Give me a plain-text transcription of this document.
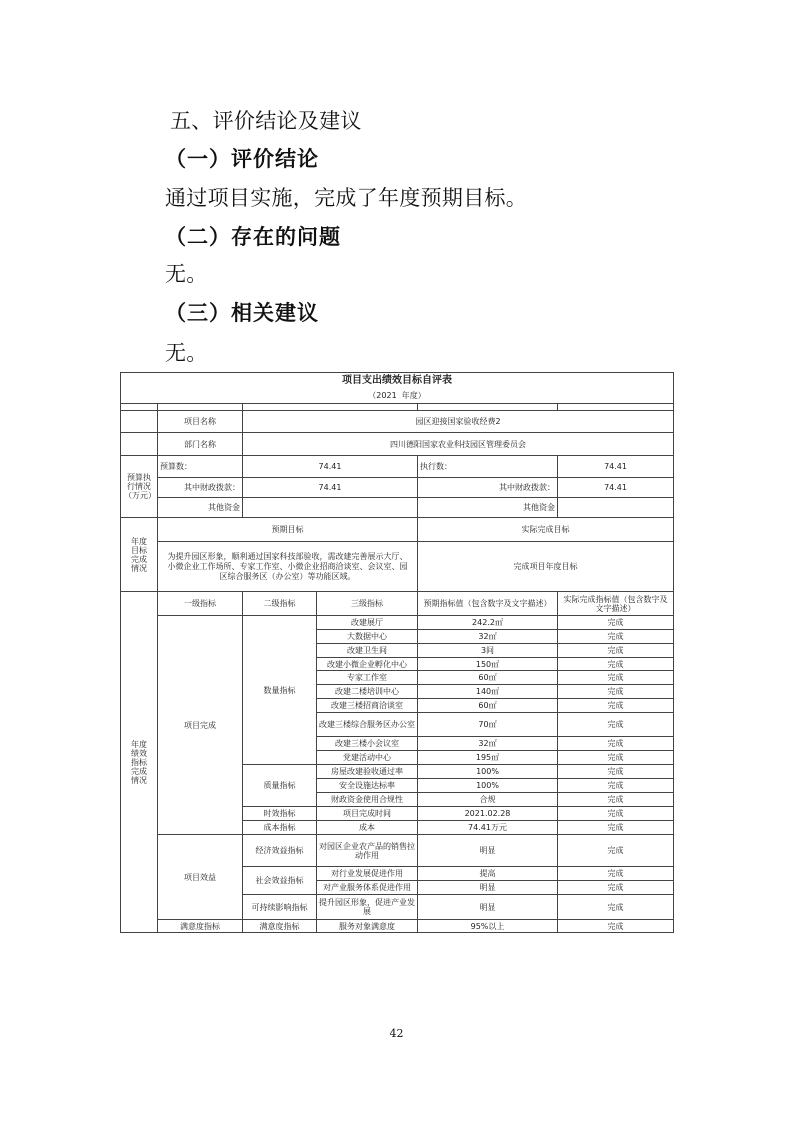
五、评价结论及建议
（一）评价结论
通过项目实施，完成了年度预期目标。
（二）存在的问题
无。
（三）相关建议
无。
项目支出绩效目标自评表					
（2021  年度）					

	项目名称	园区迎接国家验收经费2			
	部门名称	四川德阳国家农业科技园区管理委员会			
预算执行情况（万元）	预算数：	74.41		执行数：	74.41
	其中财政拨款：	74.41		其中财政拨款：	74.41
	其他资金			其他资金	
年度目标完成情况	预期目标			实际完成目标	
	为提升园区形象，顺利通过国家科技部验收，需改建完善展示大厅、小微企业工作场所、专家工作室、小微企业招商洽谈室、会议室、园区综合服务区（办公室）等功能区域。			完成项目年度目标	
年度绩效指标完成情况	一级指标	二级指标	三级指标	预期指标值（包含数字及文字描述）	实际完成指标值（包含数字及文字描述）
	项目完成	数量指标	改建展厅	242.2㎡	完成
			大数据中心	32㎡	完成
			改建卫生间	3间	完成
			改建小微企业孵化中心	150㎡	完成
			专家工作室	60㎡	完成
			改建二楼培训中心	140㎡	完成
			改建三楼招商洽谈室	60㎡	完成
			改建三楼综合服务区办公室	70㎡	完成
			改建三楼小会议室	32㎡	完成
			党建活动中心	195㎡	完成
		质量指标	房屋改建验收通过率	100%	完成
			安全设施达标率	100%	完成
			财政资金使用合规性	合规	完成
		时效指标	项目完成时间	2021.02.28	完成
		成本指标	成本	74.41万元	完成
	项目效益	经济效益指标	对园区企业农产品的销售拉动作用	明显	完成
		社会效益指标	对行业发展促进作用	提高	完成
			对产业服务体系促进作用	明显	完成
		可持续影响指标	提升园区形象，促进产业发展	明显	完成
	满意度指标	满意度指标	服务对象满意度	95%以上	完成
42
